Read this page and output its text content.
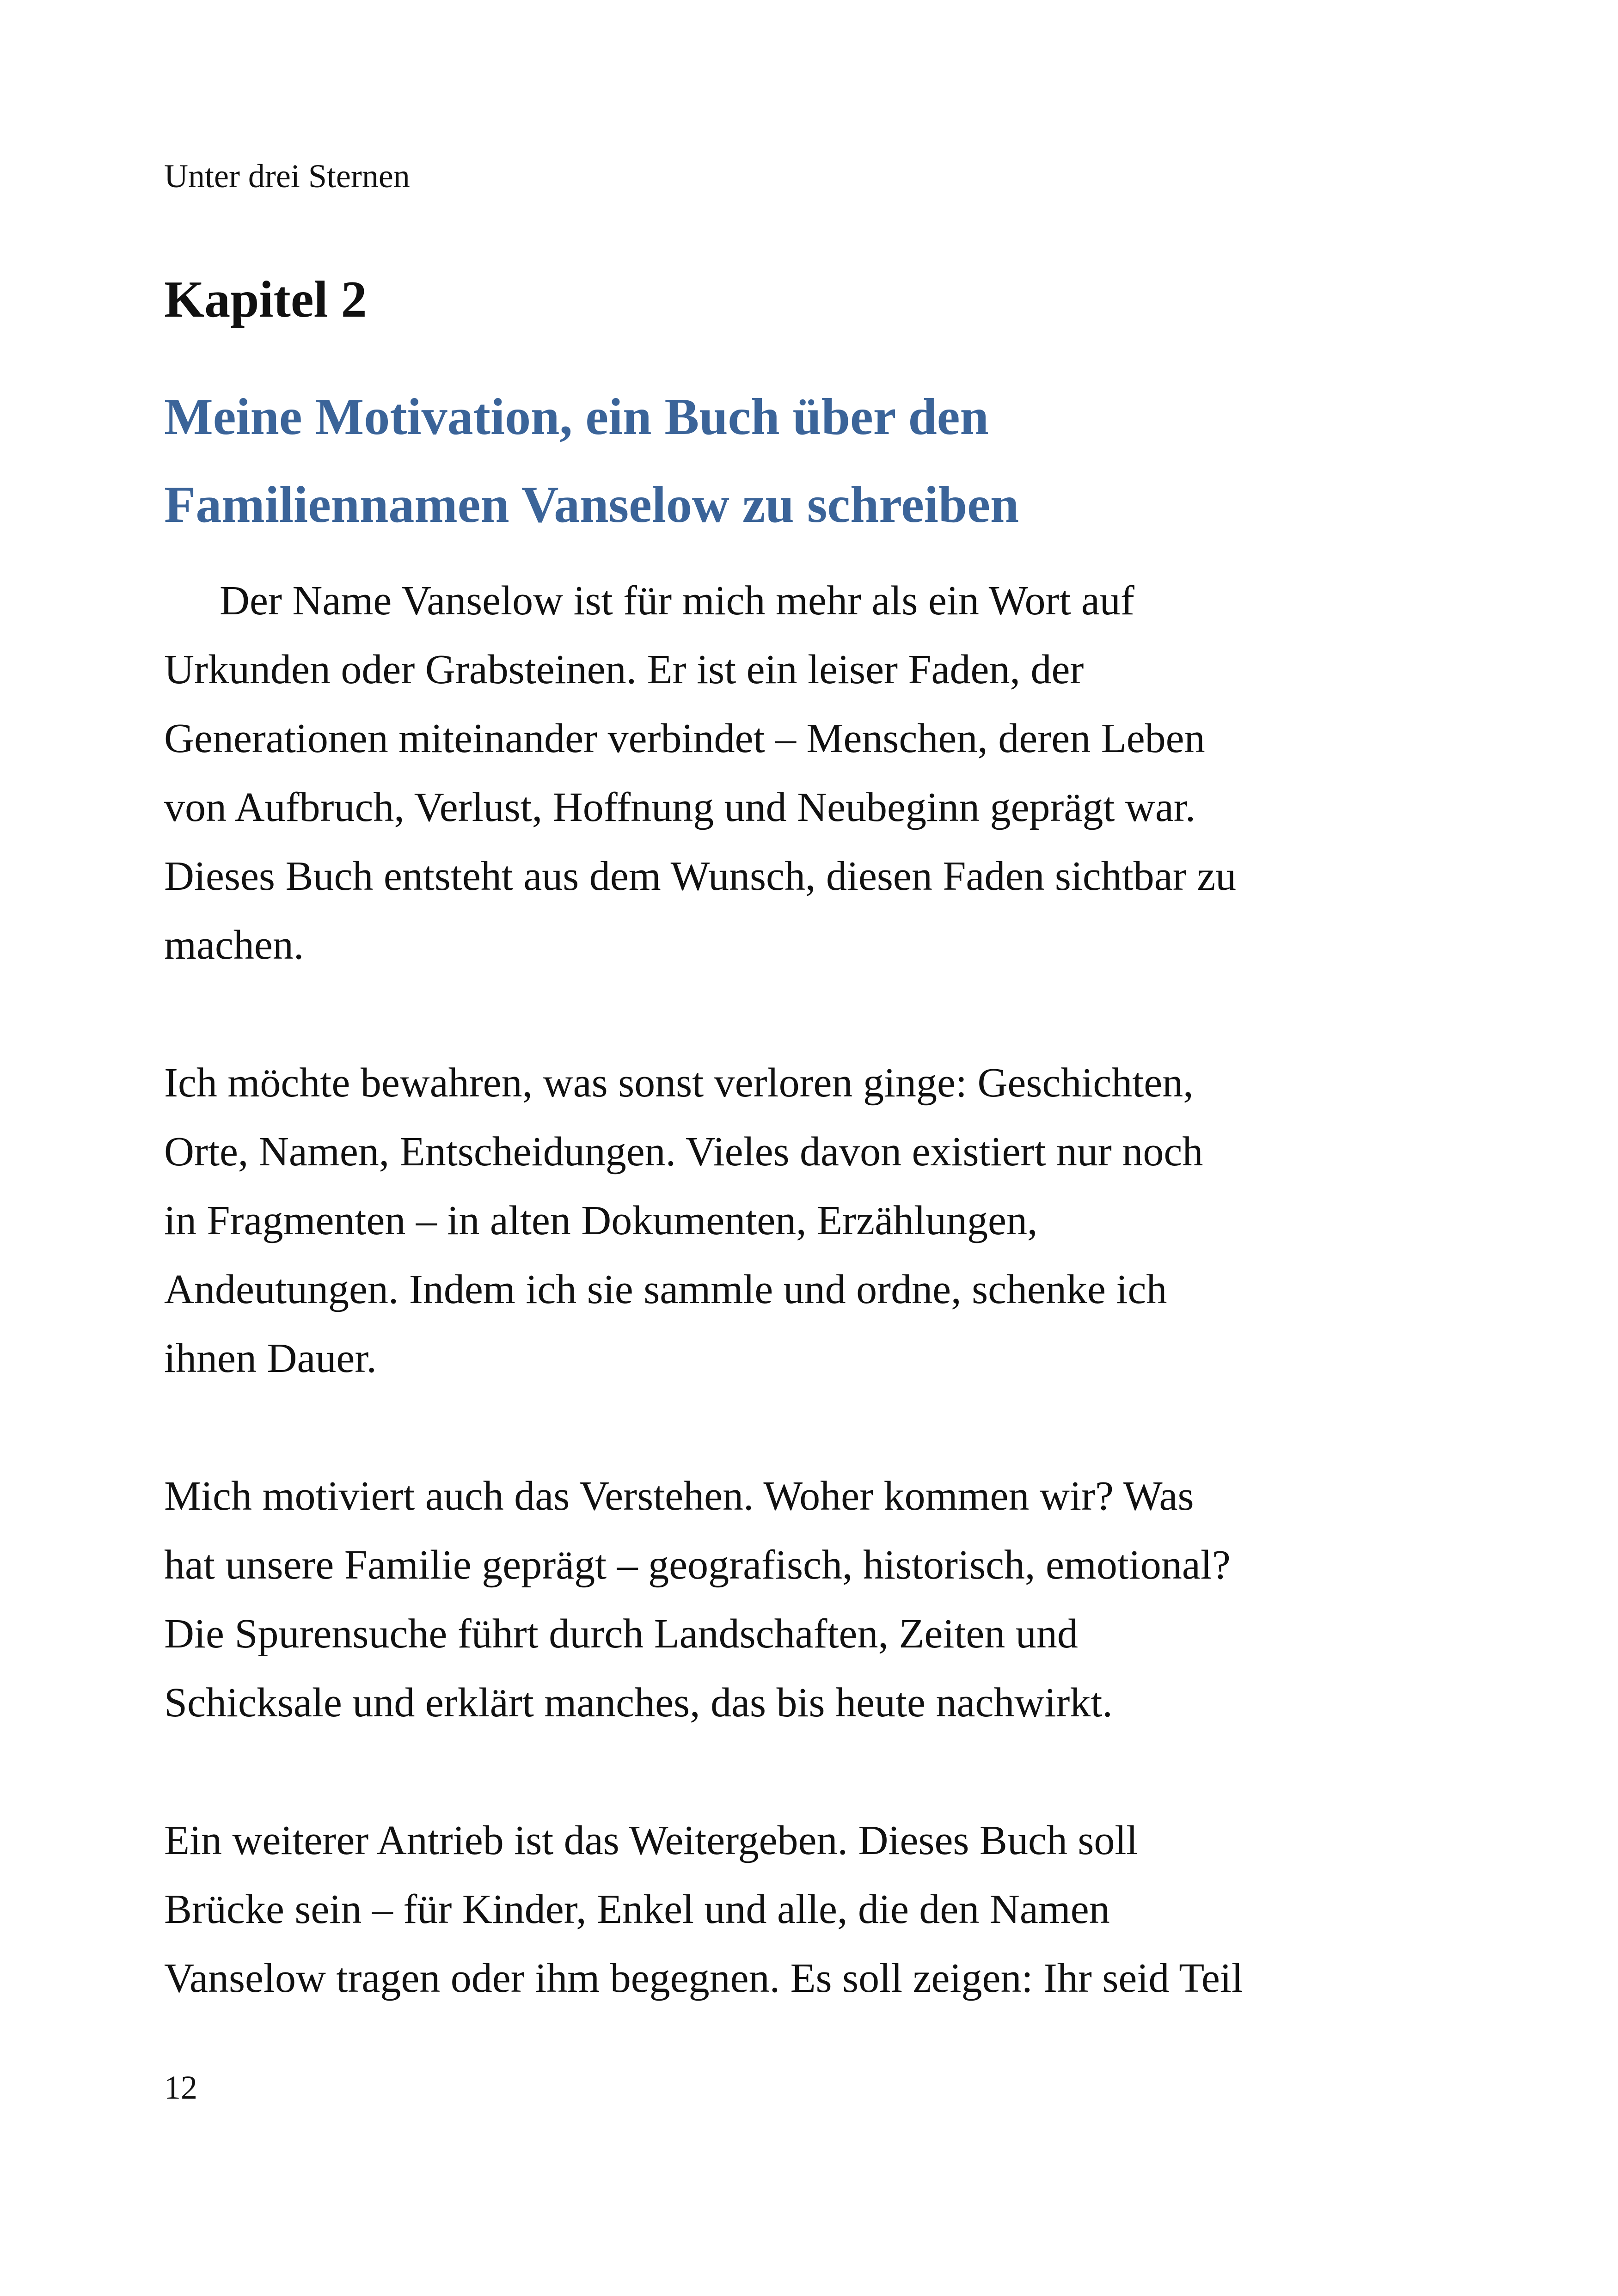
Unter drei Sternen
Kapitel 2
Meine Motivation, ein Buch über den
Familiennamen Vanselow zu schreiben
Der Name Vanselow ist für mich mehr als ein Wort auf
Urkunden oder Grabsteinen. Er ist ein leiser Faden, der
Generationen miteinander verbindet – Menschen, deren Leben
von Aufbruch, Verlust, Hoffnung und Neubeginn geprägt war.
Dieses Buch entsteht aus dem Wunsch, diesen Faden sichtbar zu
machen.
Ich möchte bewahren, was sonst verloren ginge: Geschichten,
Orte, Namen, Entscheidungen. Vieles davon existiert nur noch
in Fragmenten – in alten Dokumenten, Erzählungen,
Andeutungen. Indem ich sie sammle und ordne, schenke ich
ihnen Dauer.
Mich motiviert auch das Verstehen. Woher kommen wir? Was
hat unsere Familie geprägt – geografisch, historisch, emotional?
Die Spurensuche führt durch Landschaften, Zeiten und
Schicksale und erklärt manches, das bis heute nachwirkt.
Ein weiterer Antrieb ist das Weitergeben. Dieses Buch soll
Brücke sein – für Kinder, Enkel und alle, die den Namen
Vanselow tragen oder ihm begegnen. Es soll zeigen: Ihr seid Teil
12
